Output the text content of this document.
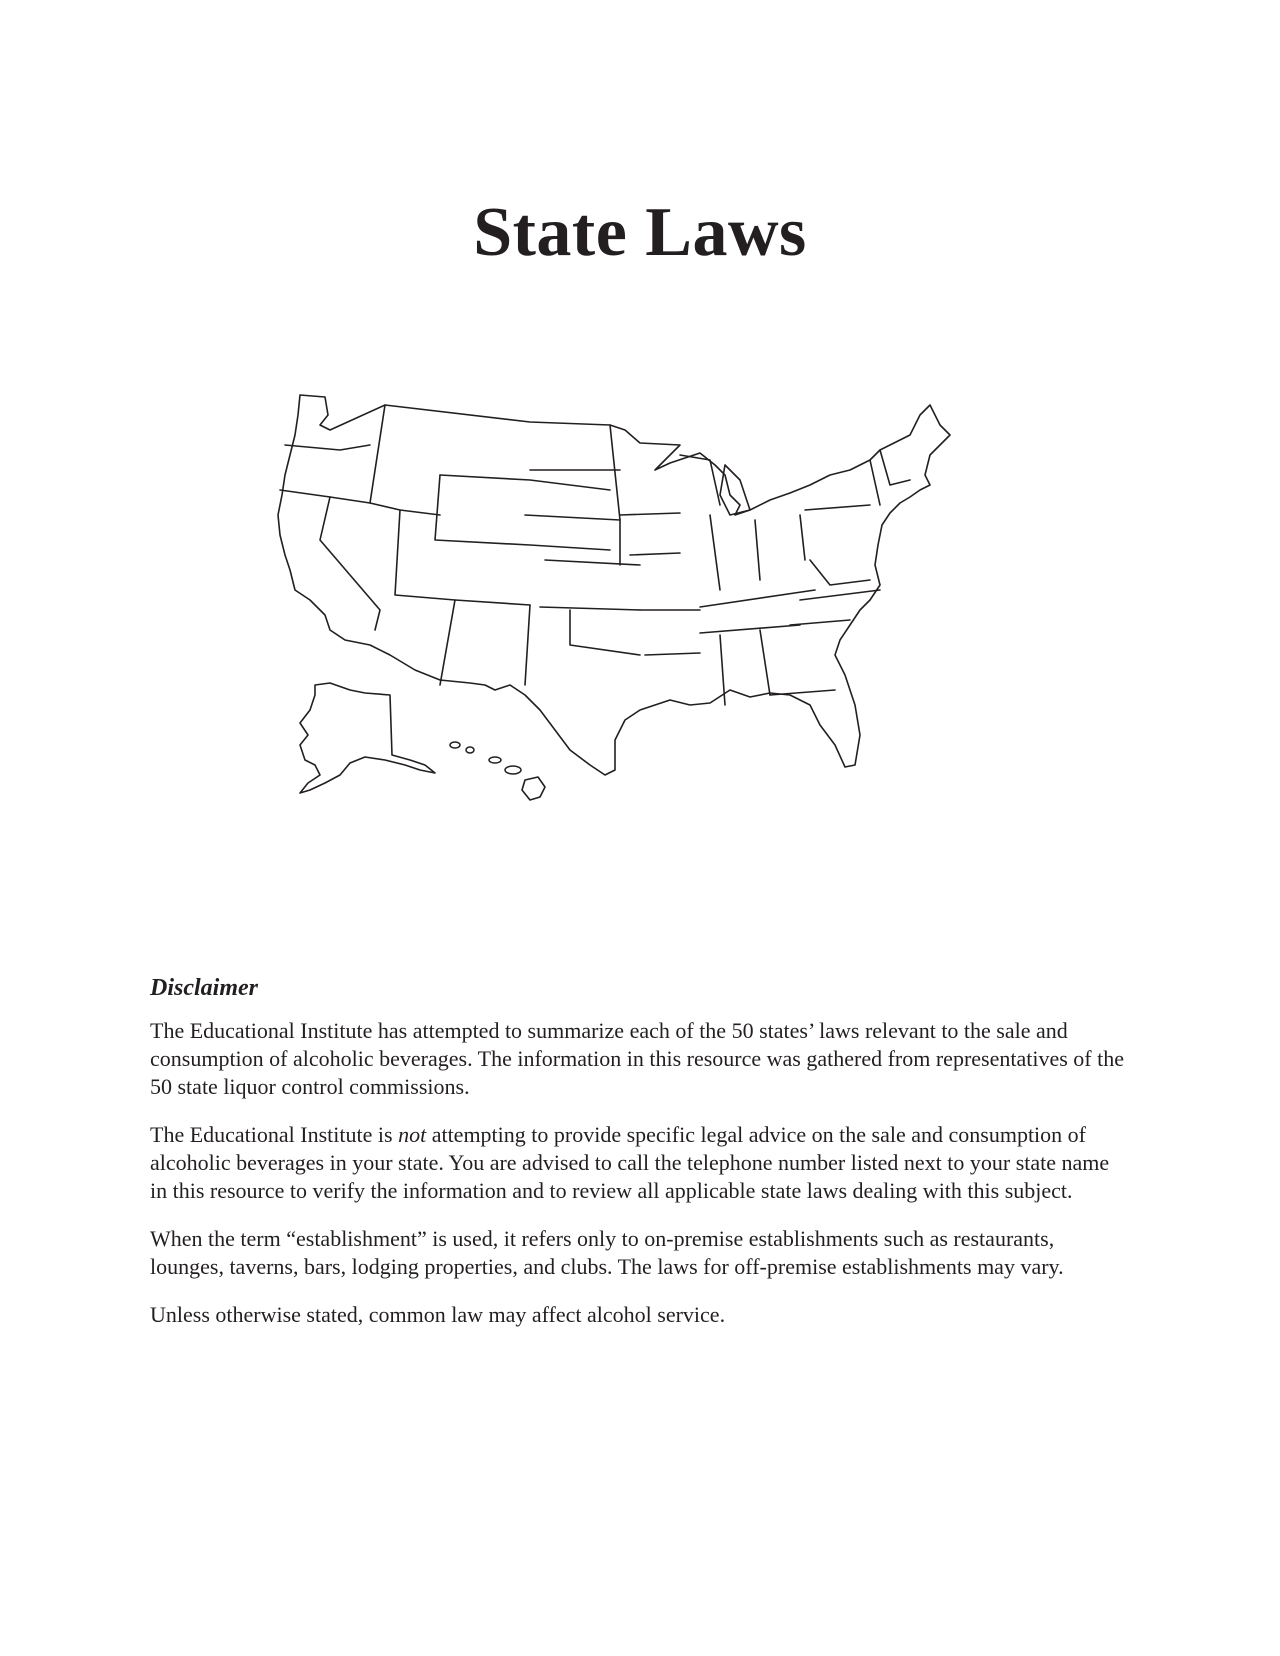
State Laws
Disclaimer

The Educational Institute has attempted to summarize each of the 50 states’ laws relevant to the sale and consumption of alcoholic beverages. The information in this resource was gathered from representatives of the 50 state liquor control commissions.

The Educational Institute is not attempting to provide specific legal advice on the sale and consumption of alcoholic beverages in your state. You are advised to call the telephone number listed next to your state name in this resource to verify the information and to review all applicable state laws dealing with this subject.

When the term “establishment” is used, it refers only to on-premise establishments such as restaurants, lounges, taverns, bars, lodging properties, and clubs. The laws for off-premise establishments may vary.

Unless otherwise stated, common law may affect alcohol service.
